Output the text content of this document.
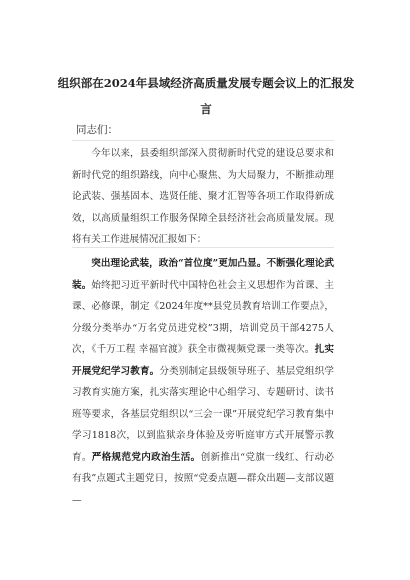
组织部在2024年县域经济高质量发展专题会议上的汇报发言
同志们：
今年以来，县委组织部深入贯彻新时代党的建设总要求和新时代党的组织路线，向中心聚焦、为大局聚力，不断推动理论武装、强基固本、选贤任能、聚才汇智等各项工作取得新成效，以高质量组织工作服务保障全县经济社会高质量发展。现将有关工作进展情况汇报如下：
突出理论武装，政治“首位度”更加凸显。不断强化理论武装。始终把习近平新时代中国特色社会主义思想作为首课、主课、必修课，制定《2024年度**县党员教育培训工作要点》，分级分类举办“万名党员进党校”3期，培训党员干部4275人次，《千万工程 幸福官渡》获全市微视频党课一类等次。扎实开展党纪学习教育。分类别制定县级领导班子、基层党组织学习教育实施方案，扎实落实理论中心组学习、专题研讨、读书班等要求，各基层党组织以“三会一课”开展党纪学习教育集中学习1818次，以到监狱亲身体验及旁听庭审方式开展警示教育。严格规范党内政治生活。创新推出“党旗一线红、行动必有我”点题式主题党日，按照“党委点题—群众出题—支部议题—
